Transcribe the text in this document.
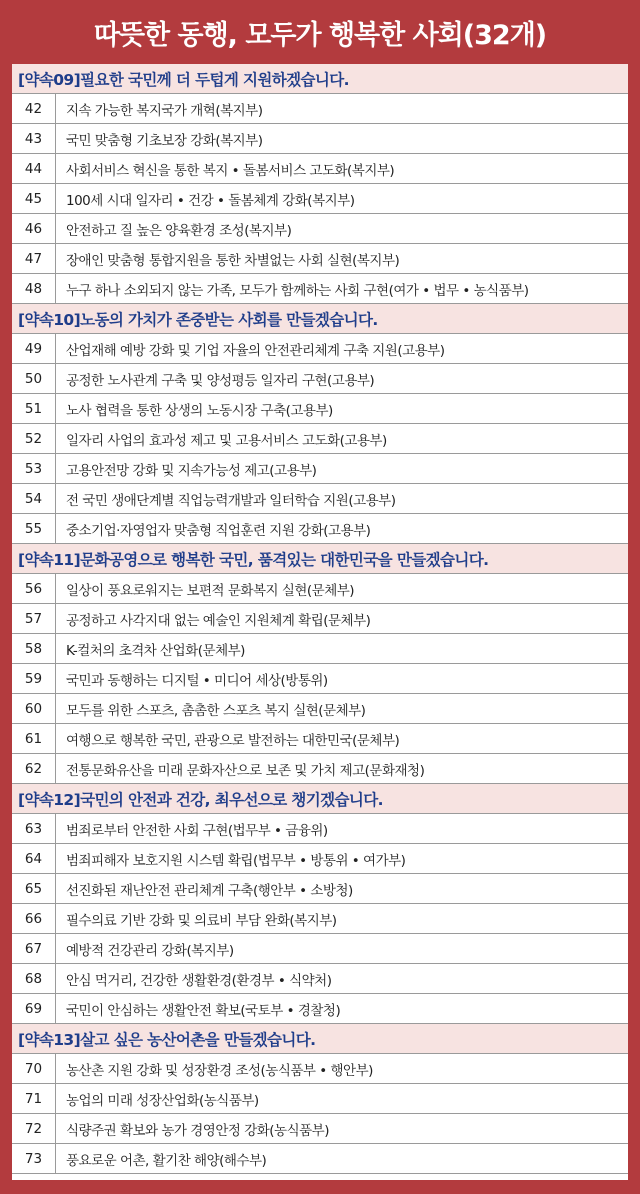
따뜻한 동행, 모두가 행복한 사회(32개)
[약속09] 필요한 국민께 더 두텁게 지원하겠습니다.
42	지속 가능한 복지국가 개혁(복지부)
43	국민 맞춤형 기초보장 강화(복지부)
44	사회서비스 혁신을 통한 복지 • 돌봄서비스 고도화(복지부)
45	100세 시대 일자리 • 건강 • 돌봄체계 강화(복지부)
46	안전하고 질 높은 양육환경 조성(복지부)
47	장애인 맞춤형 통합지원을 통한 차별없는 사회 실현(복지부)
48	누구 하나 소외되지 않는 가족, 모두가 함께하는 사회 구현(여가 • 법무 • 농식품부)
[약속10] 노동의 가치가 존중받는 사회를 만들겠습니다.
49	산업재해 예방 강화 및 기업 자율의 안전관리체계 구축 지원(고용부)
50	공정한 노사관계 구축 및 양성평등 일자리 구현(고용부)
51	노사 협력을 통한 상생의 노동시장 구축(고용부)
52	일자리 사업의 효과성 제고 및 고용서비스 고도화(고용부)
53	고용안전망 강화 및 지속가능성 제고(고용부)
54	전 국민 생애단계별 직업능력개발과 일터학습 지원(고용부)
55	중소기업·자영업자 맞춤형 직업훈련 지원 강화(고용부)
[약속11] 문화공영으로 행복한 국민, 품격있는 대한민국을 만들겠습니다.
56	일상이 풍요로워지는 보편적 문화복지 실현(문체부)
57	공정하고 사각지대 없는 예술인 지원체계 확립(문체부)
58	K-컬처의 초격차 산업화(문체부)
59	국민과 동행하는 디지털 • 미디어 세상(방통위)
60	모두를 위한 스포츠, 촘촘한 스포츠 복지 실현(문체부)
61	여행으로 행복한 국민, 관광으로 발전하는 대한민국(문체부)
62	전통문화유산을 미래 문화자산으로 보존 및 가치 제고(문화재청)
[약속12] 국민의 안전과 건강, 최우선으로 챙기겠습니다.
63	범죄로부터 안전한 사회 구현(법무부 • 금융위)
64	범죄피해자 보호지원 시스템 확립(법무부 • 방통위 • 여가부)
65	선진화된 재난안전 관리체계 구축(행안부 • 소방청)
66	필수의료 기반 강화 및 의료비 부담 완화(복지부)
67	예방적 건강관리 강화(복지부)
68	안심 먹거리, 건강한 생활환경(환경부 • 식약처)
69	국민이 안심하는 생활안전 확보(국토부 • 경찰청)
[약속13] 살고 싶은 농산어촌을 만들겠습니다.
70	농산촌 지원 강화 및 성장환경 조성(농식품부 • 행안부)
71	농업의 미래 성장산업화(농식품부)
72	식량주권 확보와 농가 경영안정 강화(농식품부)
73	풍요로운 어촌, 활기찬 해양(해수부)
